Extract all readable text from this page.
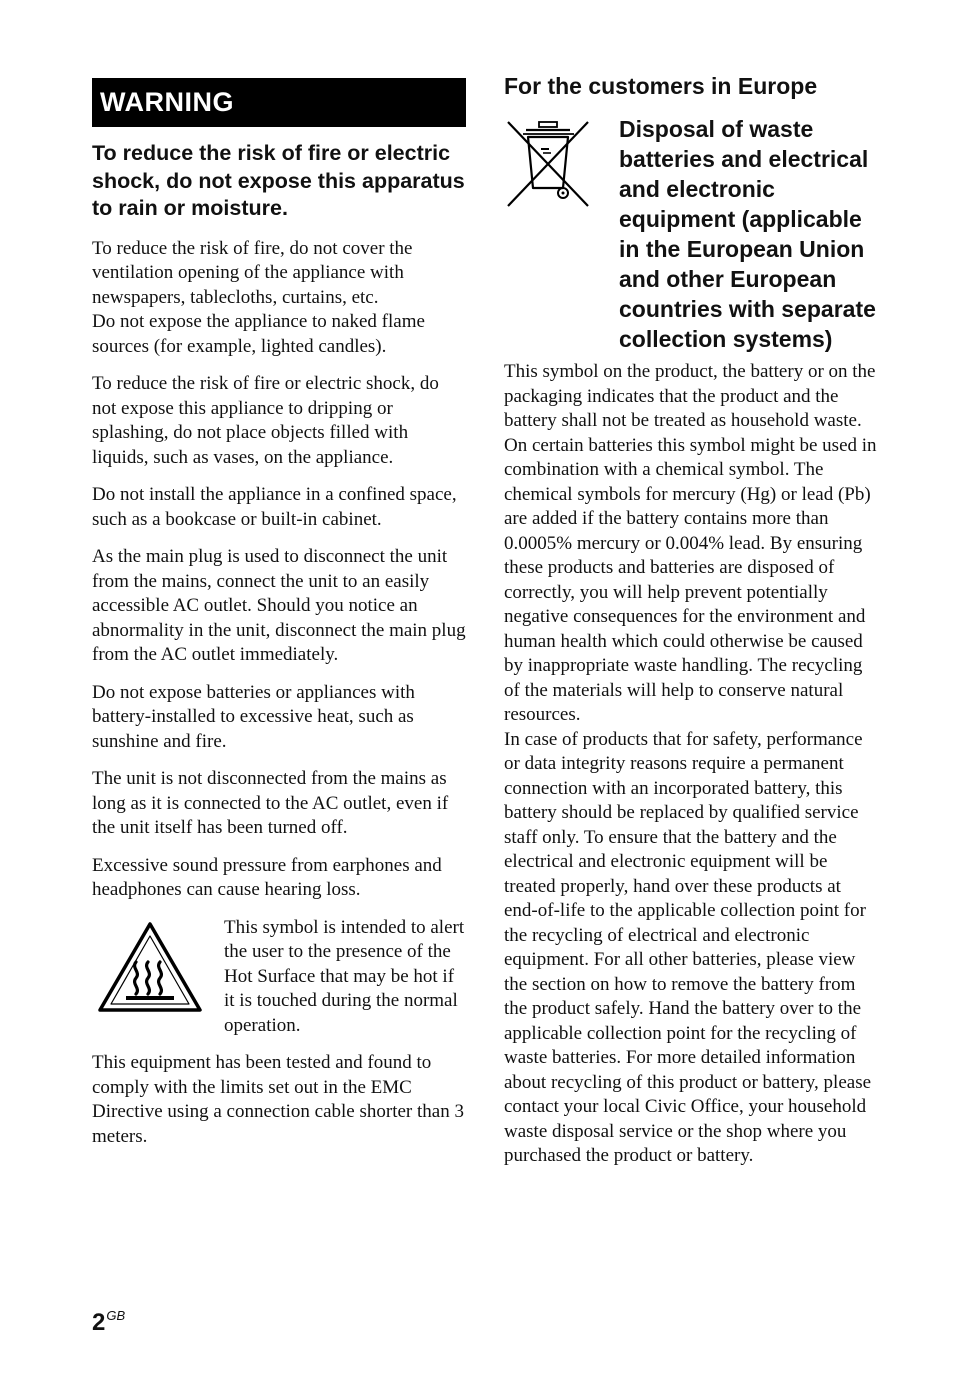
WARNING

To reduce the risk of fire or electric shock, do not expose this apparatus to rain or moisture.

To reduce the risk of fire, do not cover the ventilation opening of the appliance with newspapers, tablecloths, curtains, etc.
Do not expose the appliance to naked flame sources (for example, lighted candles).

To reduce the risk of fire or electric shock, do not expose this appliance to dripping or splashing, do not place objects filled with liquids, such as vases, on the appliance.

Do not install the appliance in a confined space, such as a bookcase or built-in cabinet.

As the main plug is used to disconnect the unit from the mains, connect the unit to an easily accessible AC outlet. Should you notice an abnormality in the unit, disconnect the main plug from the AC outlet immediately.

Do not expose batteries or appliances with battery-installed to excessive heat, such as sunshine and fire.

The unit is not disconnected from the mains as long as it is connected to the AC outlet, even if the unit itself has been turned off.

Excessive sound pressure from earphones and headphones can cause hearing loss.

This symbol is intended to alert the user to the presence of the Hot Surface that may be hot if it is touched during the normal operation.

This equipment has been tested and found to comply with the limits set out in the EMC Directive using a connection cable shorter than 3 meters.

For the customers in Europe

Disposal of waste batteries and electrical and electronic equipment (applicable in the European Union and other European countries with separate collection systems)

This symbol on the product, the battery or on the packaging indicates that the product and the battery shall not be treated as household waste. On certain batteries this symbol might be used in combination with a chemical symbol. The chemical symbols for mercury (Hg) or lead (Pb) are added if the battery contains more than 0.0005% mercury or 0.004% lead. By ensuring these products and batteries are disposed of correctly, you will help prevent potentially negative consequences for the environment and human health which could otherwise be caused by inappropriate waste handling. The recycling of the materials will help to conserve natural resources.

In case of products that for safety, performance or data integrity reasons require a permanent connection with an incorporated battery, this battery should be replaced by qualified service staff only. To ensure that the battery and the electrical and electronic equipment will be treated properly, hand over these products at end-of-life to the applicable collection point for the recycling of electrical and electronic equipment. For all other batteries, please view the section on how to remove the battery from the product safely. Hand the battery over to the applicable collection point for the recycling of waste batteries. For more detailed information about recycling of this product or battery, please contact your local Civic Office, your household waste disposal service or the shop where you purchased the product or battery.

$2^{GB}$
